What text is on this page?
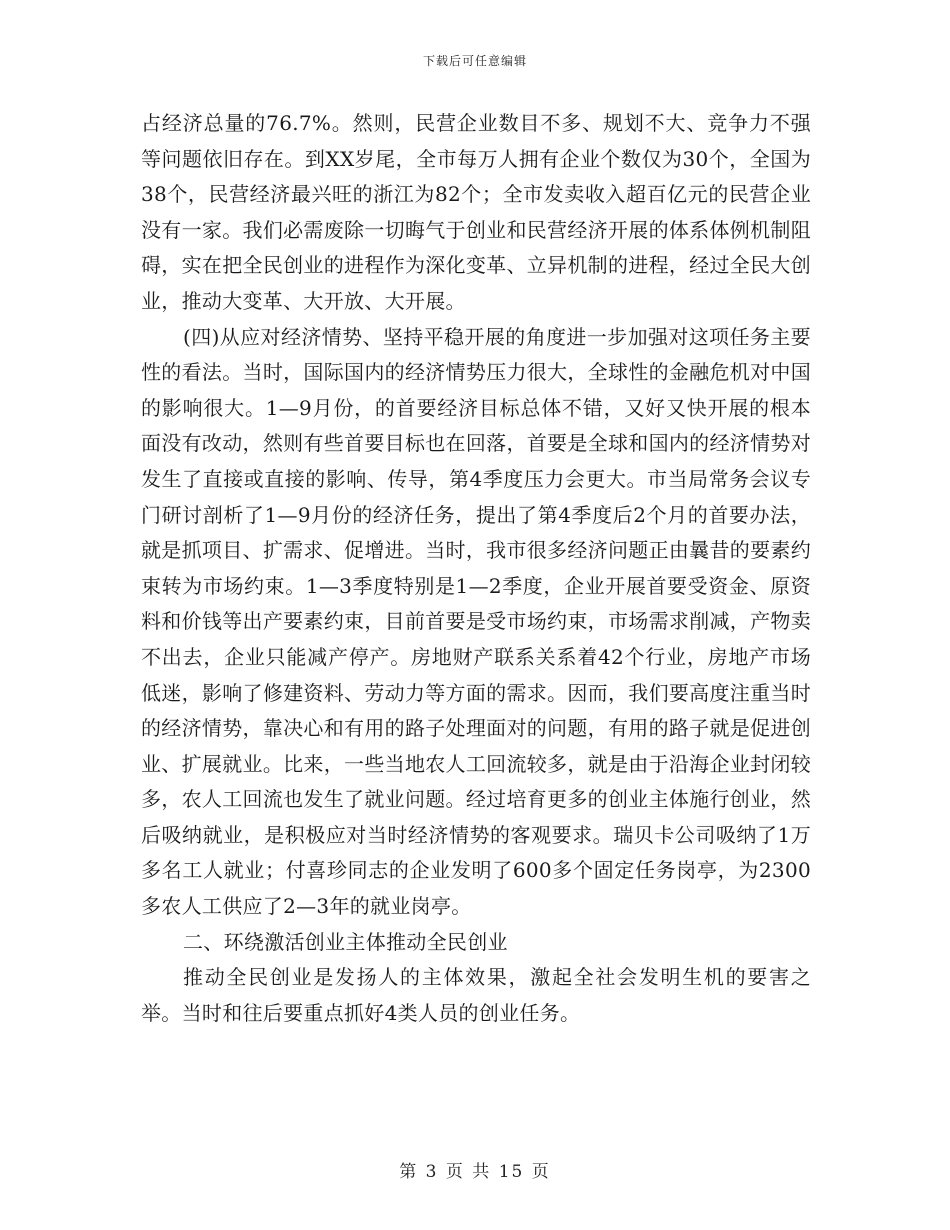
下载后可任意编辑

占经济总量的76.7%。然则，民营企业数目不多、规划不大、竞争力不强等问题依旧存在。到XX岁尾，全市每万人拥有企业个数仅为30个，全国为38个，民营经济最兴旺的浙江为82个；全市发卖收入超百亿元的民营企业没有一家。我们必需废除一切晦气于创业和民营经济开展的体系体例机制阻碍，实在把全民创业的进程作为深化变革、立异机制的进程，经过全民大创业，推动大变革、大开放、大开展。

(四)从应对经济情势、坚持平稳开展的角度进一步加强对这项任务主要性的看法。当时，国际国内的经济情势压力很大，全球性的金融危机对中国的影响很大。1—9月份，的首要经济目标总体不错，又好又快开展的根本面没有改动，然则有些首要目标也在回落，首要是全球和国内的经济情势对发生了直接或直接的影响、传导，第4季度压力会更大。市当局常务会议专门研讨剖析了1—9月份的经济任务，提出了第4季度后2个月的首要办法，就是抓项目、扩需求、促增进。当时，我市很多经济问题正由曩昔的要素约束转为市场约束。1—3季度特别是1—2季度，企业开展首要受资金、原资料和价钱等出产要素约束，目前首要是受市场约束，市场需求削减，产物卖不出去，企业只能减产停产。房地财产联系关系着42个行业，房地产市场低迷，影响了修建资料、劳动力等方面的需求。因而，我们要高度注重当时的经济情势，靠决心和有用的路子处理面对的问题，有用的路子就是促进创业、扩展就业。比来，一些当地农人工回流较多，就是由于沿海企业封闭较多，农人工回流也发生了就业问题。经过培育更多的创业主体施行创业，然后吸纳就业，是积极应对当时经济情势的客观要求。瑞贝卡公司吸纳了1万多名工人就业；付喜珍同志的企业发明了600多个固定任务岗亭，为2300多农人工供应了2—3年的就业岗亭。

二、环绕激活创业主体推动全民创业

推动全民创业是发扬人的主体效果，激起全社会发明生机的要害之举。当时和往后要重点抓好4类人员的创业任务。

第 3 页 共 15 页
